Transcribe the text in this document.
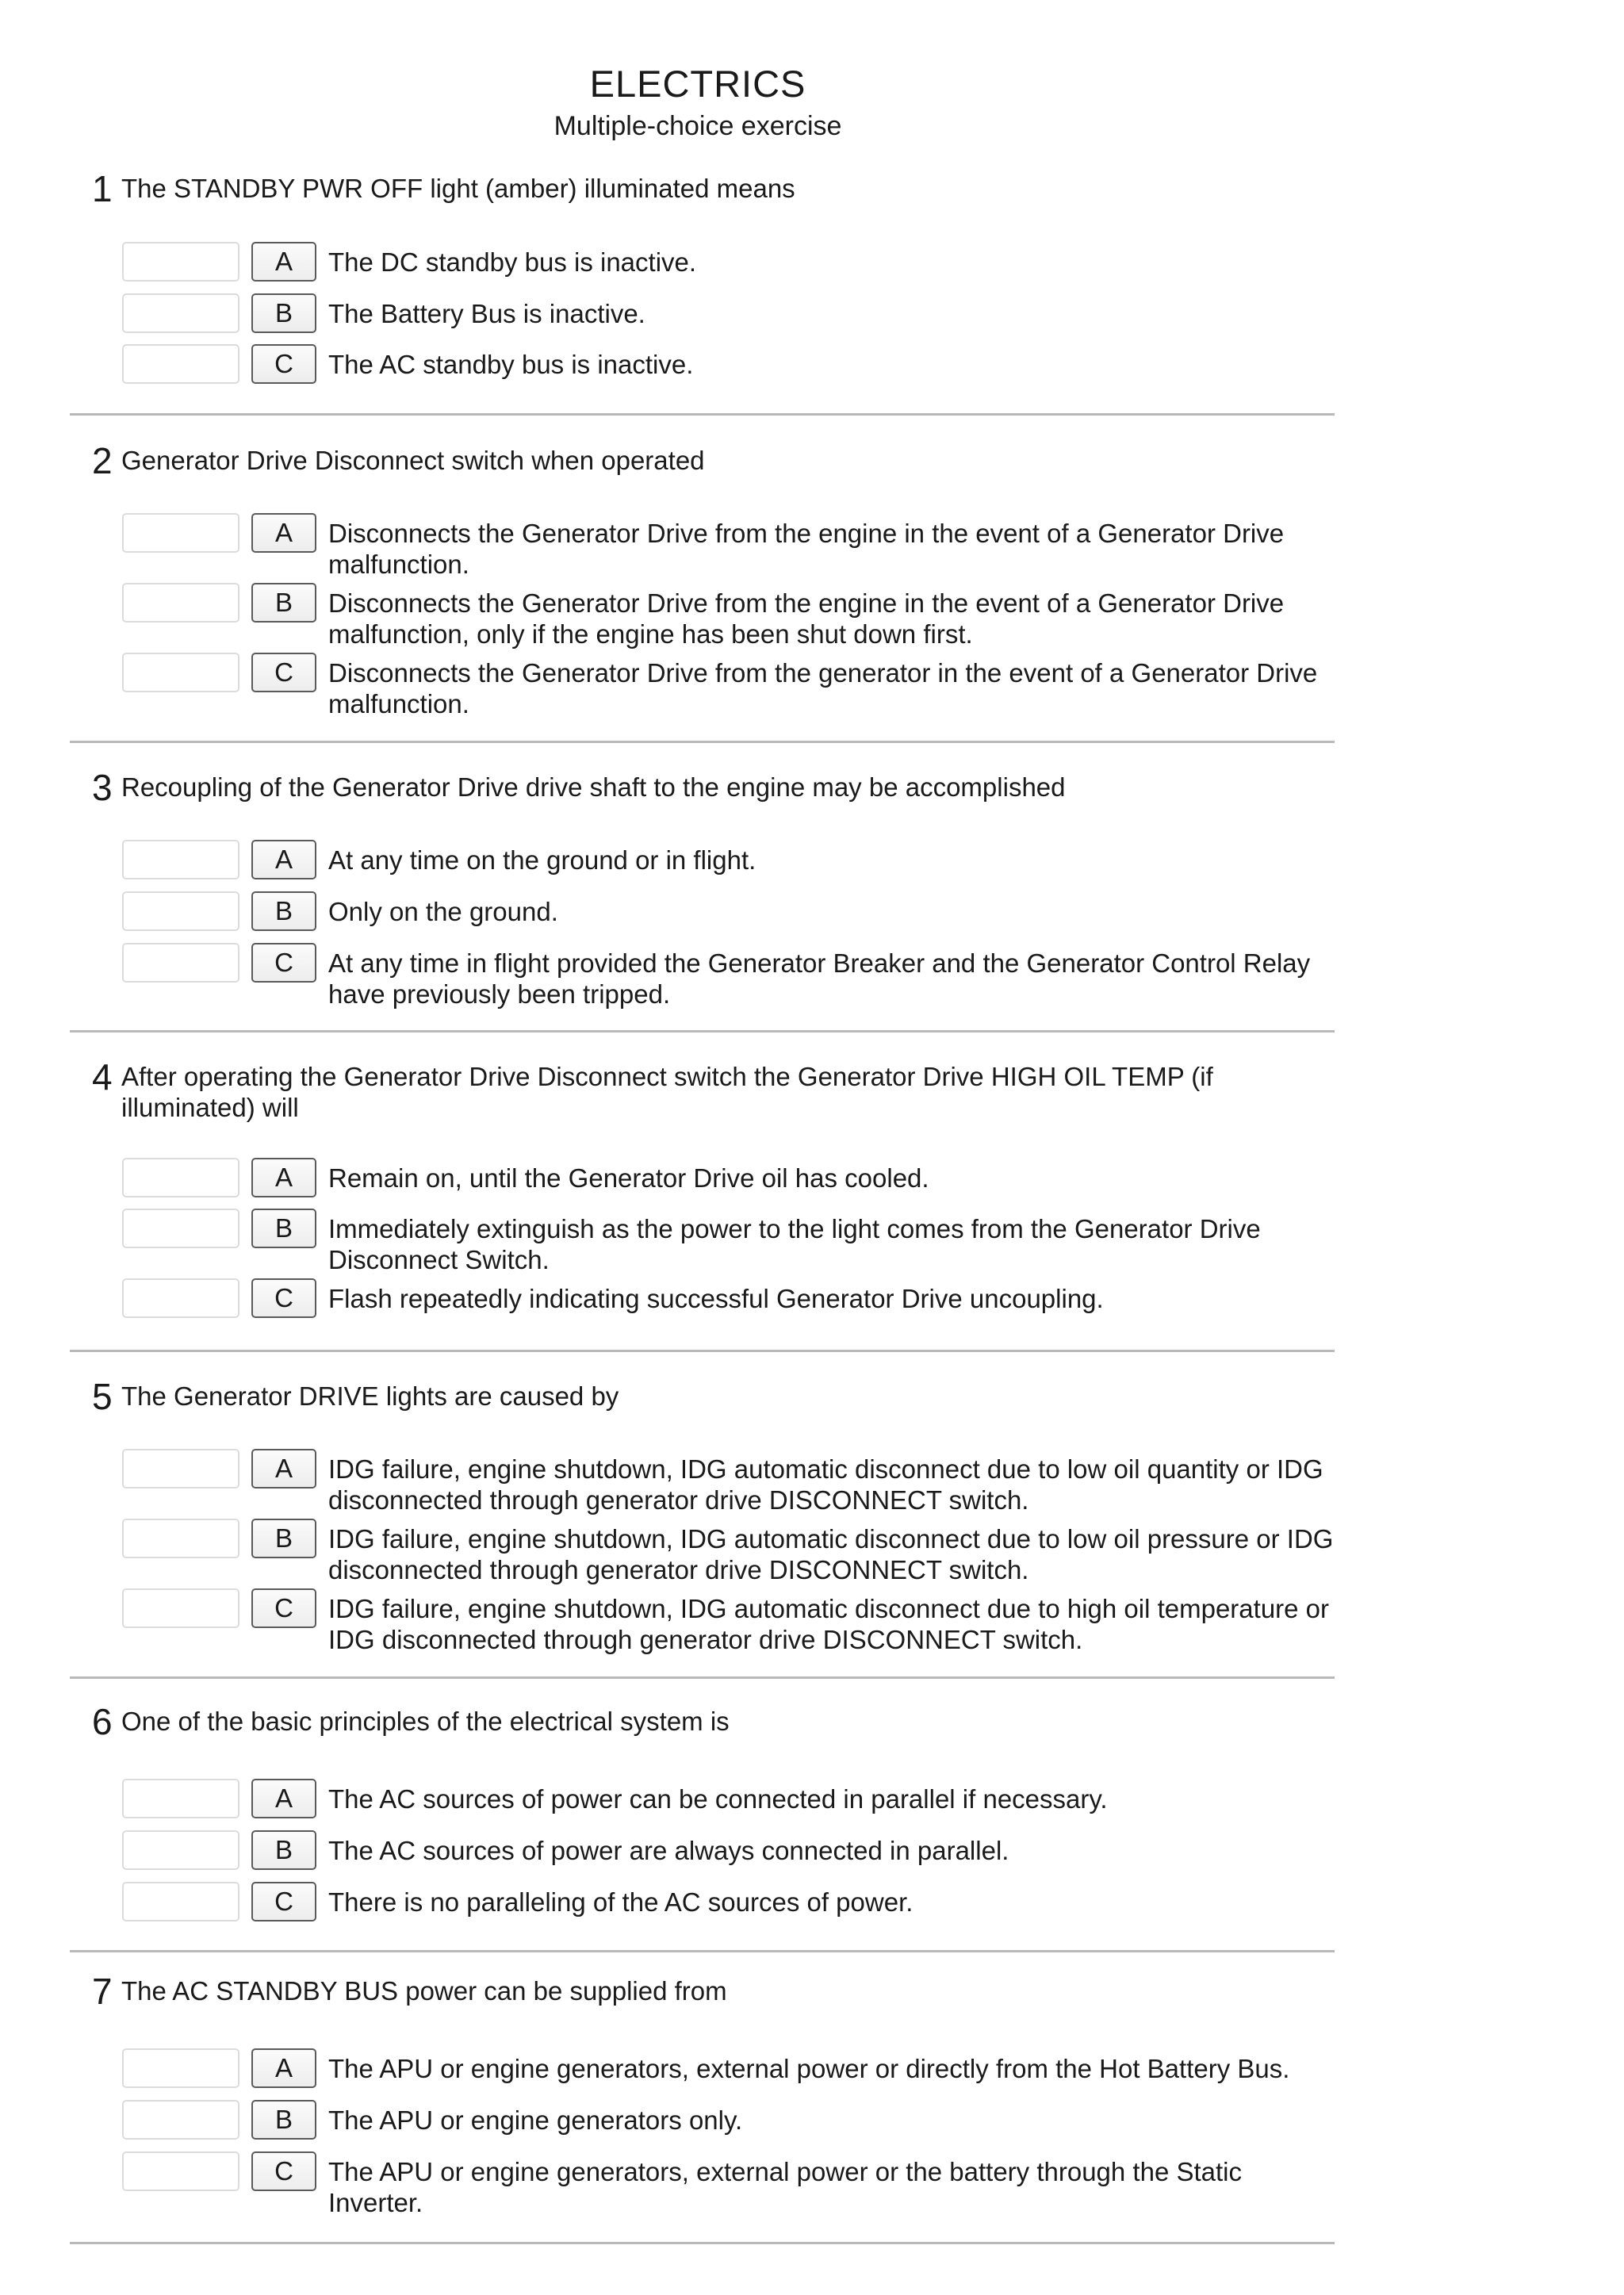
ELECTRICS
Multiple-choice exercise
1 The STANDBY PWR OFF light (amber) illuminated means
A	The DC standby bus is inactive.
B	The Battery Bus is inactive.
C	The AC standby bus is inactive.
2 Generator Drive Disconnect switch when operated
A	Disconnects the Generator Drive from the engine in the event of a Generator Drive malfunction.
B	Disconnects the Generator Drive from the engine in the event of a Generator Drive malfunction, only if the engine has been shut down first.
C	Disconnects the Generator Drive from the generator in the event of a Generator Drive malfunction.
3 Recoupling of the Generator Drive drive shaft to the engine may be accomplished
A	At any time on the ground or in flight.
B	Only on the ground.
C	At any time in flight provided the Generator Breaker and the Generator Control Relay have previously been tripped.
4 After operating the Generator Drive Disconnect switch the Generator Drive HIGH OIL TEMP (if illuminated) will
A	Remain on, until the Generator Drive oil has cooled.
B	Immediately extinguish as the power to the light comes from the Generator Drive Disconnect Switch.
C	Flash repeatedly indicating successful Generator Drive uncoupling.
5 The Generator DRIVE lights are caused by
A	IDG failure, engine shutdown, IDG automatic disconnect due to low oil quantity or IDG disconnected through generator drive DISCONNECT switch.
B	IDG failure, engine shutdown, IDG automatic disconnect due to low oil pressure or IDG disconnected through generator drive DISCONNECT switch.
C	IDG failure, engine shutdown, IDG automatic disconnect due to high oil temperature or IDG disconnected through generator drive DISCONNECT switch.
6 One of the basic principles of the electrical system is
A	The AC sources of power can be connected in parallel if necessary.
B	The AC sources of power are always connected in parallel.
C	There is no paralleling of the AC sources of power.
7 The AC STANDBY BUS power can be supplied from
A	The APU or engine generators, external power or directly from the Hot Battery Bus.
B	The APU or engine generators only.
C	The APU or engine generators, external power or the battery through the Static Inverter.
